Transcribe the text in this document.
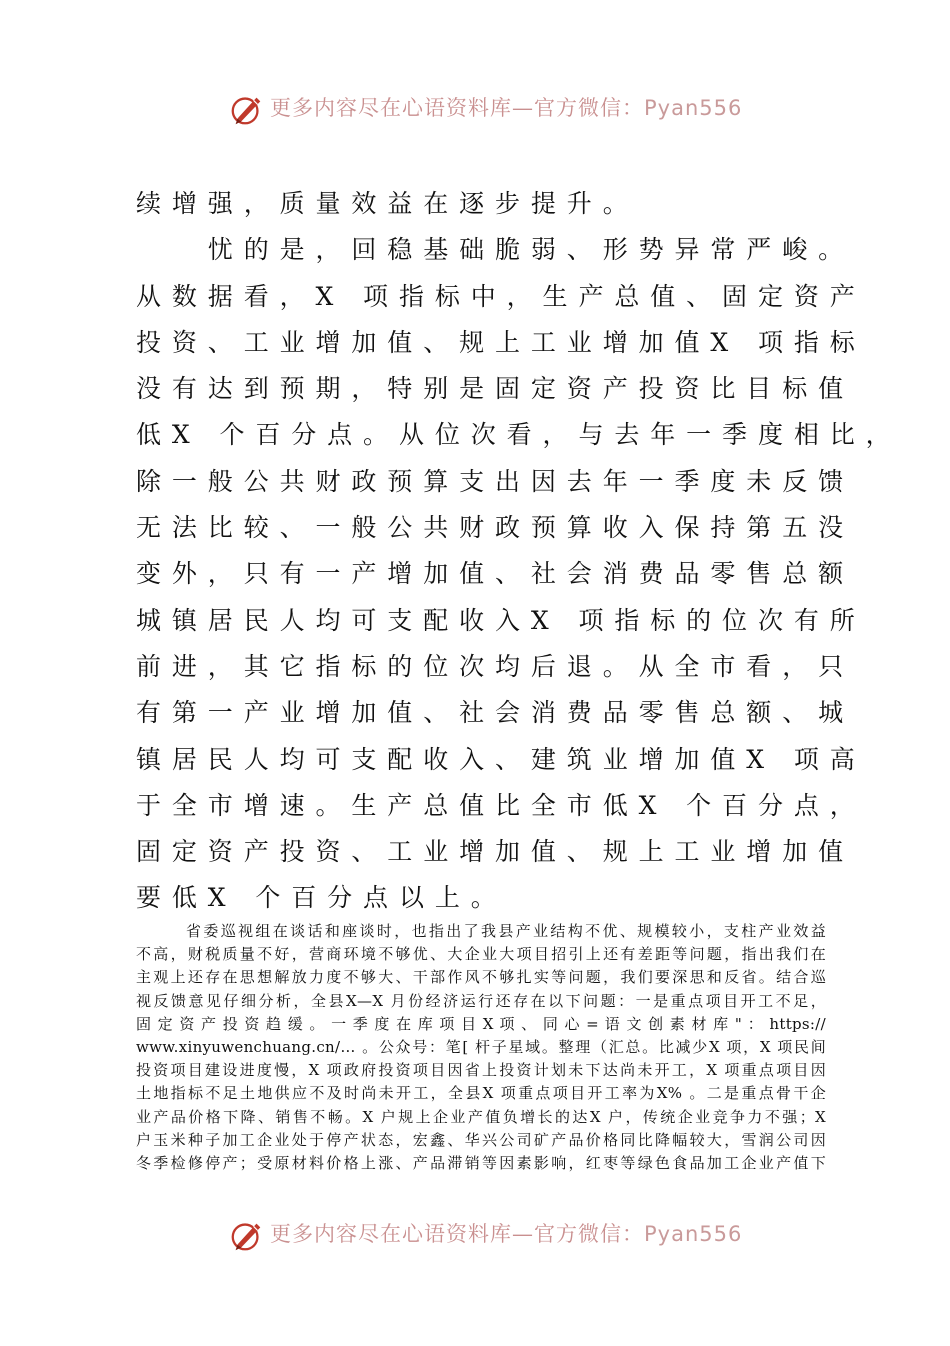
更多内容尽在心语资料库—官方微信：Pyan556
续增强，质量效益在逐步提升。
　　忧的是，回稳基础脆弱、形势异常严峻。
从数据看，X 项指标中，生产总值、固定资产
投资、工业增加值、规上工业增加值X 项指标
没有达到预期，特别是固定资产投资比目标值
低X 个百分点。从位次看，与去年一季度相比，
除一般公共财政预算支出因去年一季度未反馈
无法比较、一般公共财政预算收入保持第五没
变外，只有一产增加值、社会消费品零售总额
城镇居民人均可支配收入X 项指标的位次有所
前进，其它指标的位次均后退。从全市看，只
有第一产业增加值、社会消费品零售总额、城
镇居民人均可支配收入、建筑业增加值X 项高
于全市增速。生产总值比全市低X 个百分点，
固定资产投资、工业增加值、规上工业增加值
要低X 个百分点以上。
省委巡视组在谈话和座谈时，也指出了我县产业结构不优、规模较小，支柱产业效益
不高，财税质量不好，营商环境不够优、大企业大项目招引上还有差距等问题，指出我们在
主观上还存在思想解放力度不够大、干部作风不够扎实等问题，我们要深思和反省。结合巡
视反馈意见仔细分析，全县X—X 月份经济运行还存在以下问题：一是重点项目开工不足，
固 定 资 产 投 资 趋 缓 。 一 季 度 在 库 项 目 X 项 、 同 心 = 语 文 创 素 材 库 " ： https://
www.xinyuwenchuang.cn/… 。公众号：笔[ 杆子星域。整理（汇总。比减少X 项，X 项民间
投资项目建设进度慢，X 项政府投资项目因省上投资计划未下达尚未开工，X 项重点项目因
土地指标不足土地供应不及时尚未开工，全县X 项重点项目开工率为X% 。二是重点骨干企
业产品价格下降、销售不畅。X 户规上企业产值负增长的达X 户，传统企业竞争力不强；X
户玉米种子加工企业处于停产状态，宏鑫、华兴公司矿产品价格同比降幅较大，雪润公司因
冬季检修停产；受原材料价格上涨、产品滞销等因素影响，红枣等绿色食品加工企业产值下
更多内容尽在心语资料库—官方微信：Pyan556
